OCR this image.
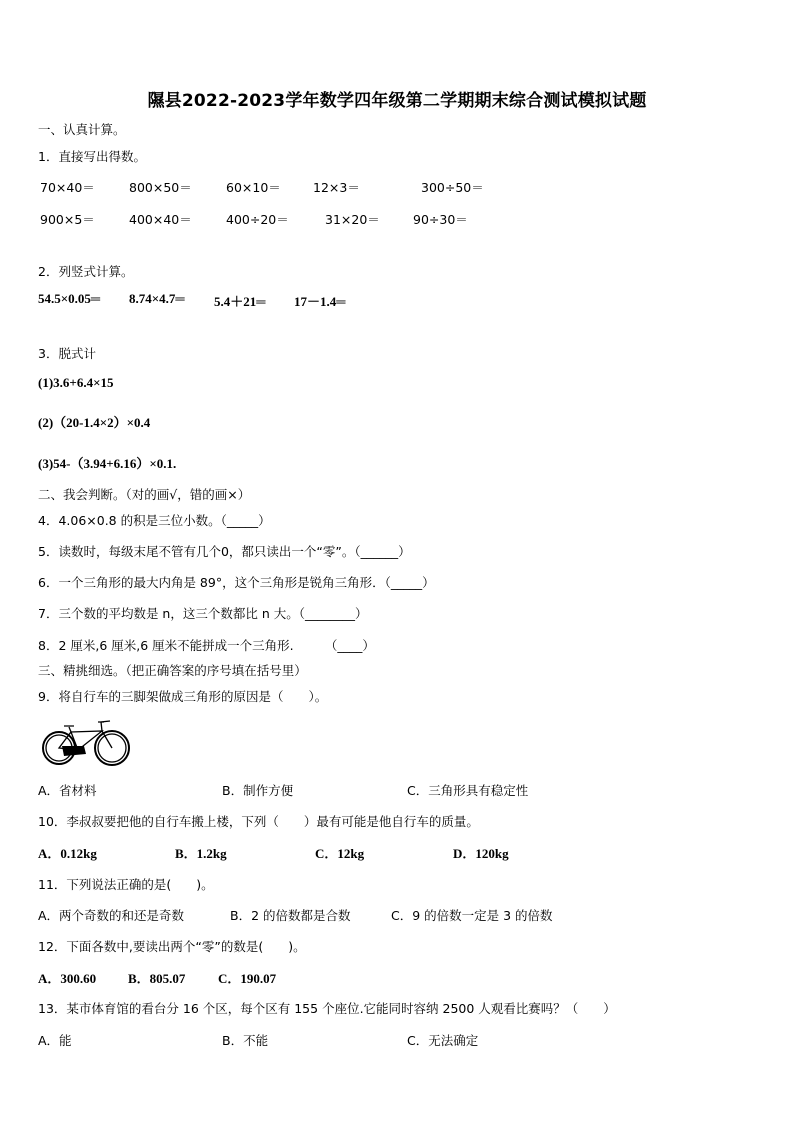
隰县2022-2023学年数学四年级第二学期期末综合测试模拟试题
一、认真计算。
1．直接写出得数。
70×40＝	800×50＝	60×10＝	12×3＝	300÷50＝
900×5＝	400×40＝	400÷20＝	31×20＝	90÷30＝
2．列竖式计算。
54.5×0.05═ 8.74×4.7═ 5.4＋21═ 17－1.4═
3．脱式计
(1)3.6+6.4×15
(2)（20-1.4×2）×0.4
(3)54-（3.94+6.16）×0.1.
二、我会判断。（对的画√，错的画×）
4．4.06×0.8 的积是三位小数。（_____）
5．读数时，每级末尾不管有几个0，都只读出一个“零”。（______）
6．一个三角形的最大内角是 89°，这个三角形是锐角三角形．（_____）
7．三个数的平均数是 n，这三个数都比 n 大。（________）
8．2 厘米,6 厘米,6 厘米不能拼成一个三角形.　　　（____）
三、精挑细选。（把正确答案的序号填在括号里）
9．将自行车的三脚架做成三角形的原因是（　　）。
A．省材料	B．制作方便	C．三角形具有稳定性
10．李叔叔要把他的自行车搬上楼，下列（　　）最有可能是他自行车的质量。
A．0.12kg	B．1.2kg	C．12kg	D．120kg
11．下列说法正确的是(　　)。
A．两个奇数的和还是奇数	B．2 的倍数都是合数	C．9 的倍数一定是 3 的倍数
12．下面各数中,要读出两个“零”的数是(　　)。
A．300.60 B．805.07	C．190.07
13．某市体育馆的看台分 16 个区，每个区有 155 个座位.它能同时容纳 2500 人观看比赛吗？（　　）
A．能	B．不能	C．无法确定
